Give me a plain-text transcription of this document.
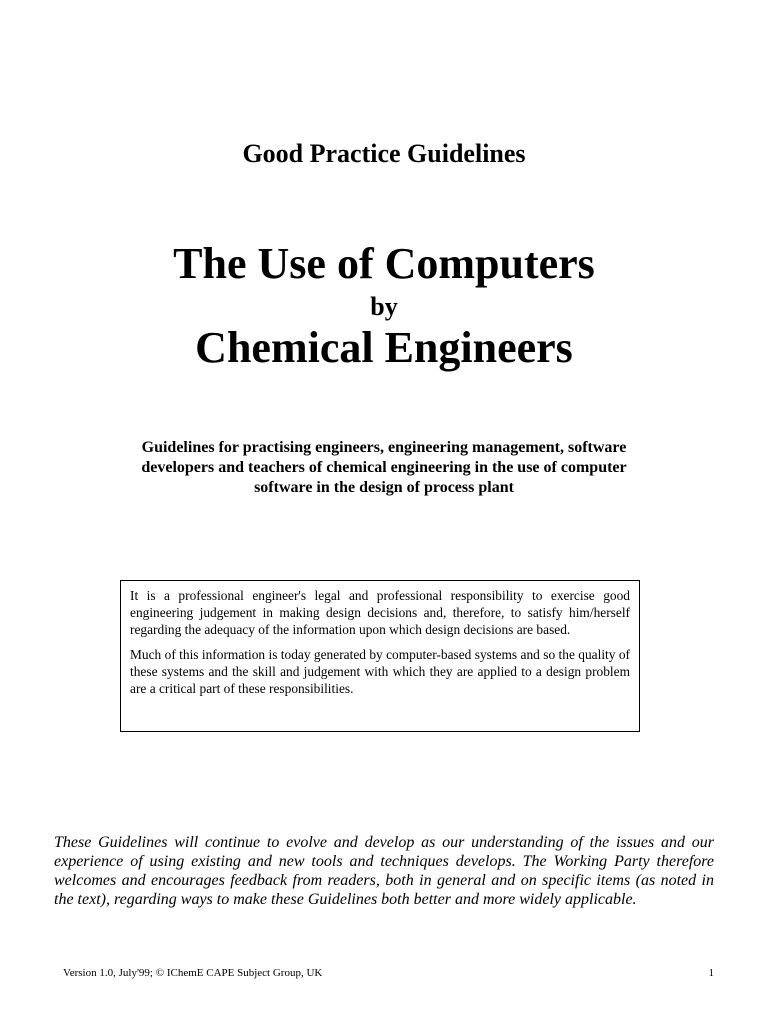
Good Practice Guidelines
The Use of Computers
by
Chemical Engineers
Guidelines for practising engineers, engineering management, software developers and teachers of chemical engineering in the use of computer software in the design of process plant

It is a professional engineer's legal and professional responsibility to exercise good engineering judgement in making design decisions and, therefore, to satisfy him/herself regarding the adequacy of the information upon which design decisions are based.

Much of this information is today generated by computer-based systems and so the quality of these systems and the skill and judgement with which they are applied to a design problem are a critical part of these responsibilities.

These Guidelines will continue to evolve and develop as our understanding of the issues and our experience of using existing and new tools and techniques develops. The Working Party therefore welcomes and encourages feedback from readers, both in general and on specific items (as noted in the text), regarding ways to make these Guidelines both better and more widely applicable.
Version 1.0, July'99; © IChemE CAPE Subject Group, UK	1
